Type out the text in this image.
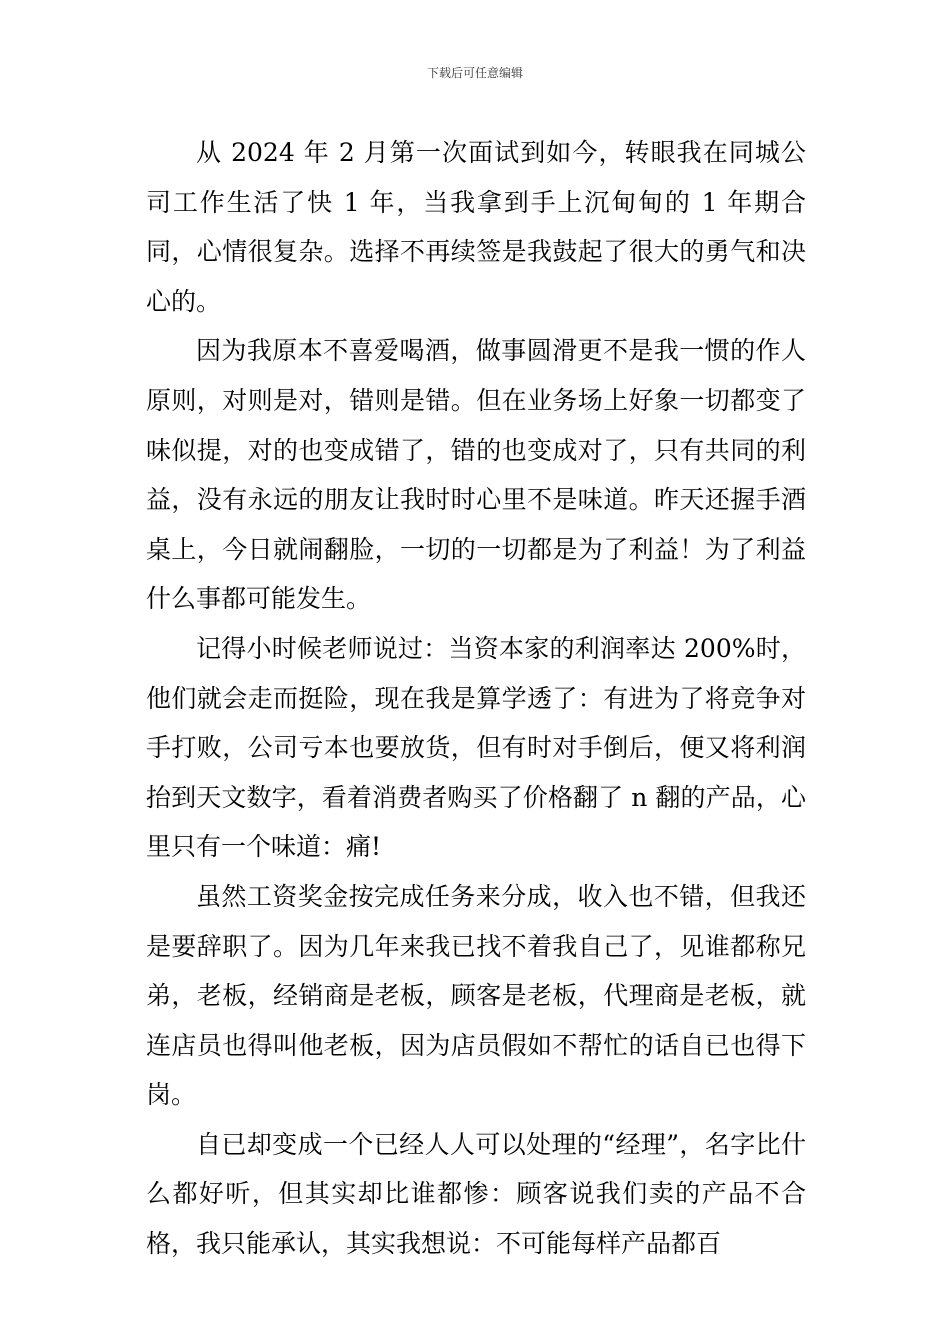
下载后可任意编辑

从 2024 年 2 月第一次面试到如今，转眼我在同城公司工作生活了快 1 年，当我拿到手上沉甸甸的 1 年期合同，心情很复杂。选择不再续签是我鼓起了很大的勇气和决心的。

因为我原本不喜爱喝酒，做事圆滑更不是我一惯的作人原则，对则是对，错则是错。但在业务场上好象一切都变了味似提，对的也变成错了，错的也变成对了，只有共同的利益，没有永远的朋友让我时时心里不是味道。昨天还握手酒桌上，今日就闹翻脸，一切的一切都是为了利益！为了利益什么事都可能发生。

记得小时候老师说过：当资本家的利润率达 200%时，他们就会走而挺险，现在我是算学透了：有进为了将竞争对手打败，公司亏本也要放货，但有时对手倒后，便又将利润抬到天文数字，看着消费者购买了价格翻了 n 翻的产品，心里只有一个味道：痛!

虽然工资奖金按完成任务来分成，收入也不错，但我还是要辞职了。因为几年来我已找不着我自己了，见谁都称兄弟，老板，经销商是老板，顾客是老板，代理商是老板，就连店员也得叫他老板，因为店员假如不帮忙的话自已也得下岗。

自已却变成一个已经人人可以处理的“经理”，名字比什么都好听，但其实却比谁都惨：顾客说我们卖的产品不合格，我只能承认，其实我想说：不可能每样产品都百
